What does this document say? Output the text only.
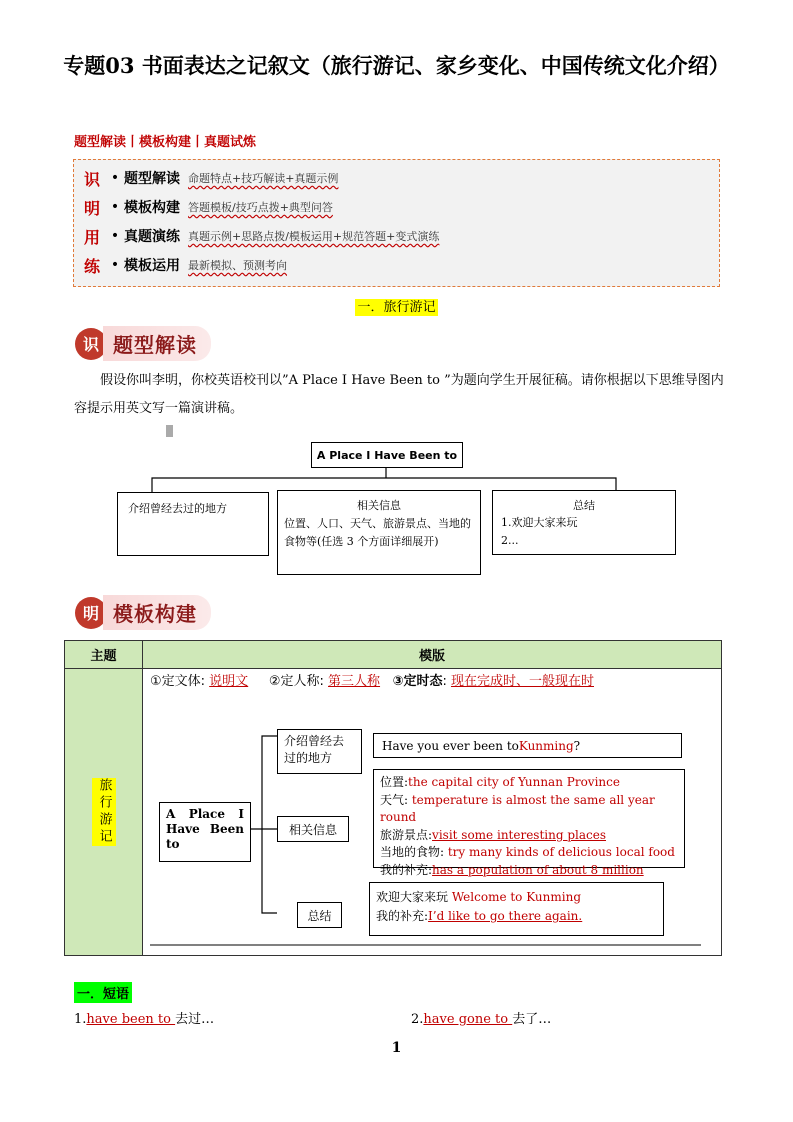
专题03 书面表达之记叙文（旅行游记、家乡变化、中国传统文化介绍）
题型解读丨模板构建丨真题试炼
识 • 题型解读 命题特点+技巧解读+真题示例
明 • 模板构建 答题模板/技巧点拨+典型问答
用 • 真题演练 真题示例+思路点拨/模板运用+规范答题+变式演练
练 • 模板运用 最新模拟、预测考向
一．旅行游记
识 题型解读
假设你叫李明，你校英语校刊以”A Place I Have Been to ”为题向学生开展征稿。请你根据以下思维导图内容提示用英文写一篇演讲稿。
A Place I Have Been to
介绍曾经去过的地方	相关信息
位置、人口、天气、旅游景点、当地的食物等(任选 3 个方面详细展开)
总结
1.欢迎大家来玩
2...
明 模板构建
主题	模版
旅行游记
①定文体: 说明文 ②定人称: 第三人称 ③定时态: 现在完成时、一般现在时
A Place I Have Been to
介绍曾经去过的地方
相关信息
总结
Have you ever been to Kunming ?
位置:the capital city of Yunnan Province
天气: temperature is almost the same all year round
旅游景点:visit some interesting places
当地的食物: try many kinds of delicious local food
我的补充:has a population of about 8 million
欢迎大家来玩 Welcome to Kunming
我的补充:I’d like to go there again.
一．短语
1.have been to 去过…	2.have gone to 去了…
1
